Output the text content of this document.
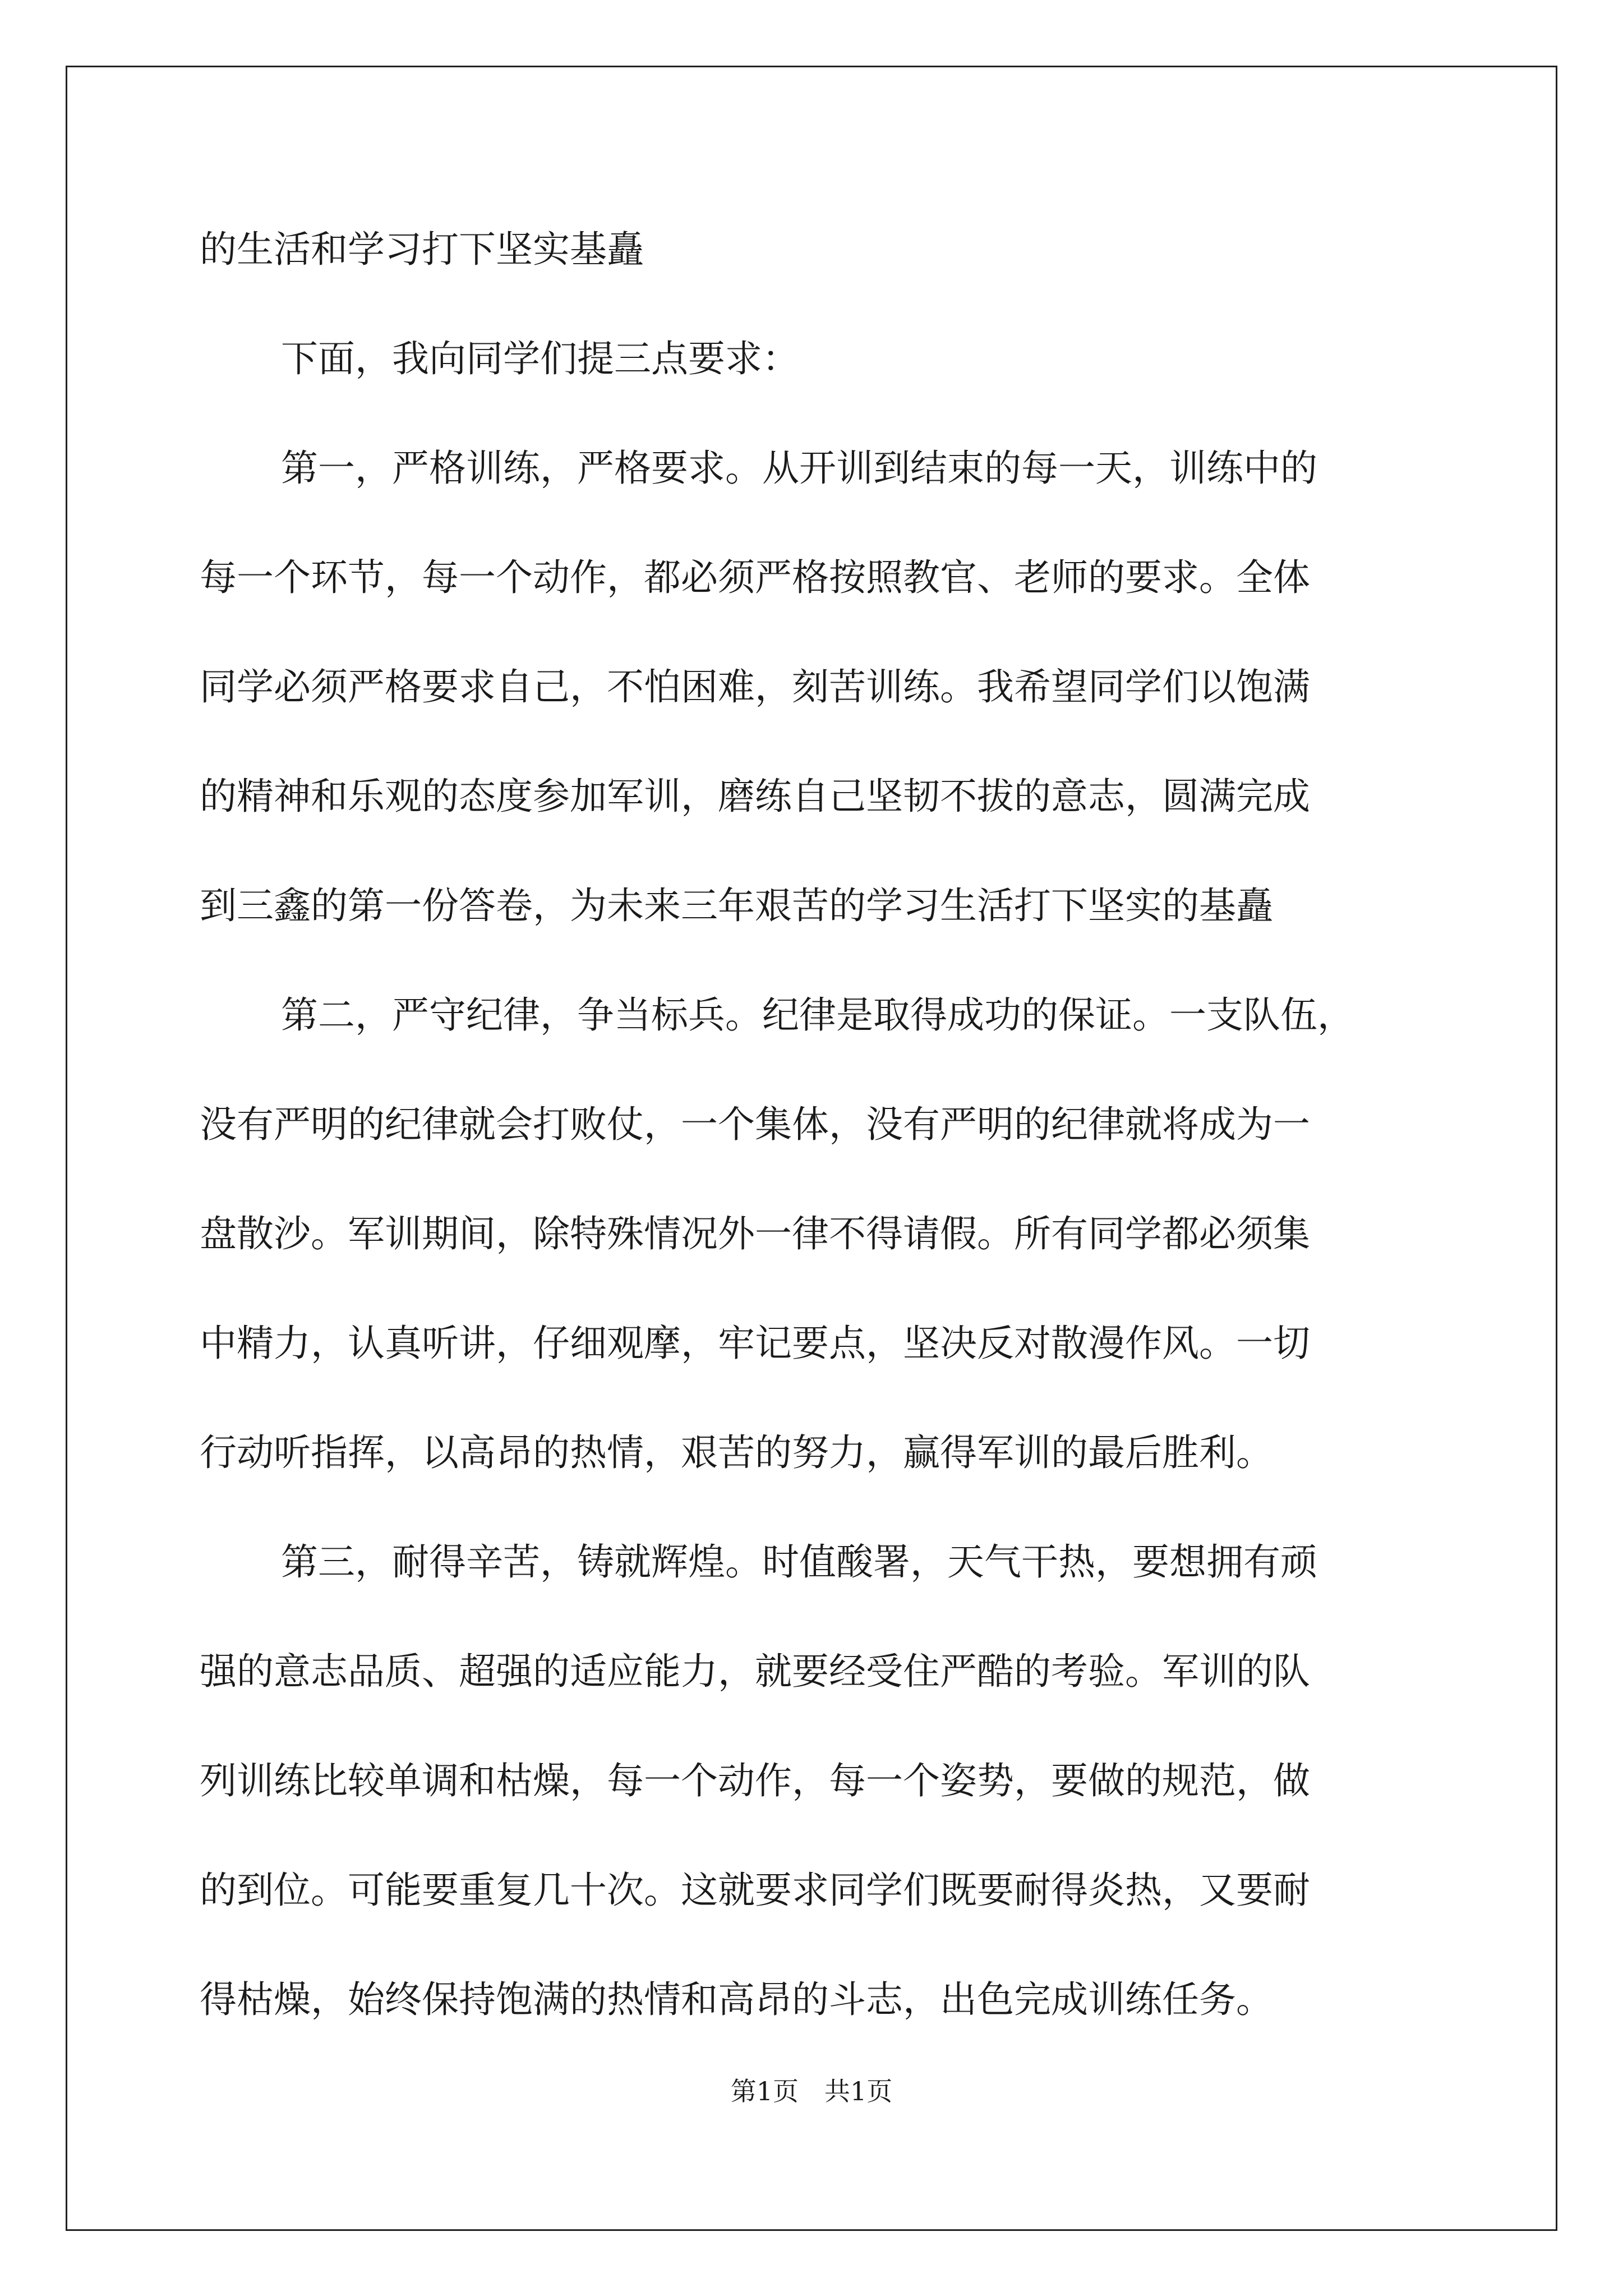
的生活和学习打下坚实基矗
下面，我向同学们提三点要求：
第一，严格训练，严格要求。从开训到结束的每一天，训练中的
每一个环节，每一个动作，都必须严格按照教官、老师的要求。全体
同学必须严格要求自己，不怕困难，刻苦训练。我希望同学们以饱满
的精神和乐观的态度参加军训，磨练自己坚韧不拔的意志，圆满完成
到三鑫的第一份答卷，为未来三年艰苦的学习生活打下坚实的基矗
第二，严守纪律，争当标兵。纪律是取得成功的保证。一支队伍，
没有严明的纪律就会打败仗，一个集体，没有严明的纪律就将成为一
盘散沙。军训期间，除特殊情况外一律不得请假。所有同学都必须集
中精力，认真听讲，仔细观摩，牢记要点，坚决反对散漫作风。一切
行动听指挥，以高昂的热情，艰苦的努力，赢得军训的最后胜利。
第三，耐得辛苦，铸就辉煌。时值酸署，天气干热，要想拥有顽
强的意志品质、超强的适应能力，就要经受住严酷的考验。军训的队
列训练比较单调和枯燥，每一个动作，每一个姿势，要做的规范，做
的到位。可能要重复几十次。这就要求同学们既要耐得炎热，又要耐
得枯燥，始终保持饱满的热情和高昂的斗志，出色完成训练任务。
第1页　共1页
